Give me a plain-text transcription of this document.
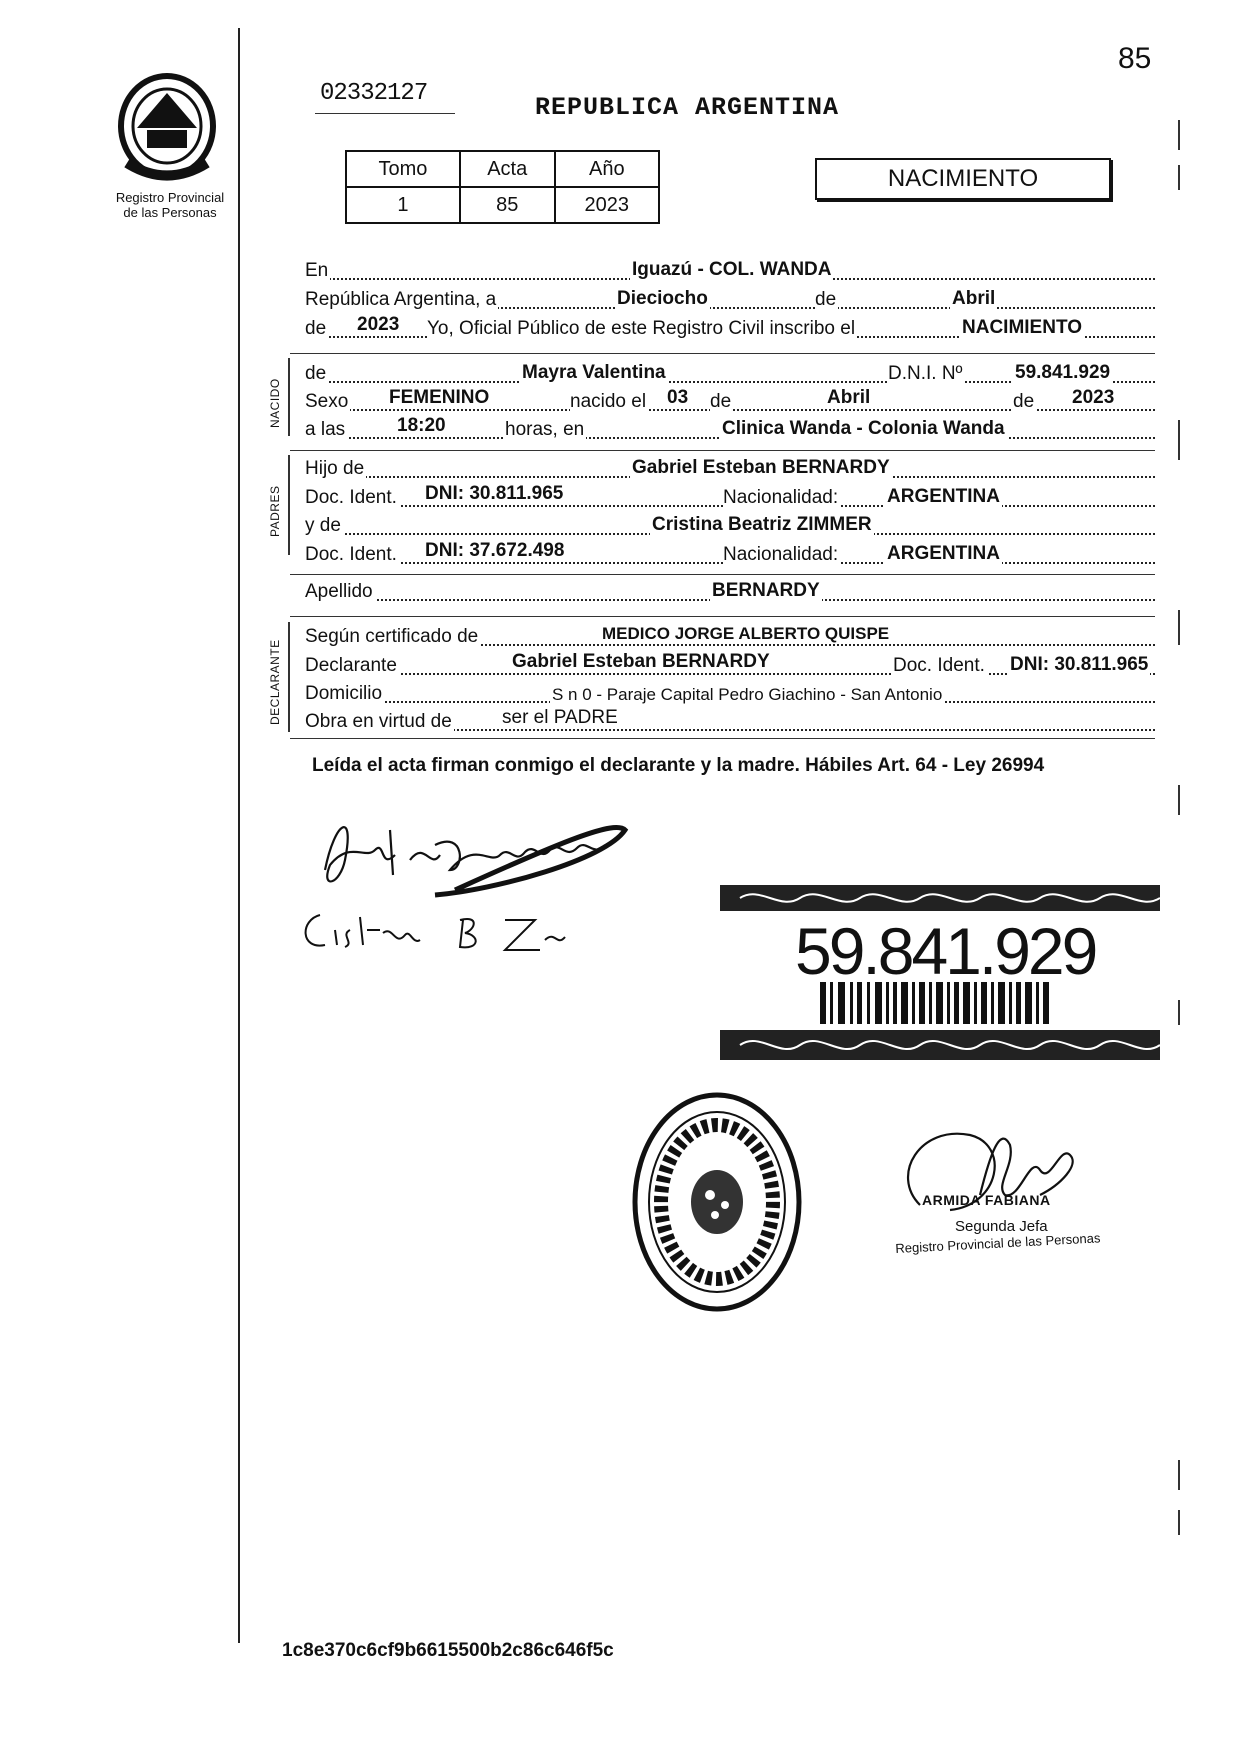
85
Registro Provincial
de las Personas
02332127	REPUBLICA ARGENTINA
Tomo	Acta	Año
1	85	2023
NACIMIENTO
En	Iguazú - COL. WANDA
República Argentina, a	Dieciocho	de	Abril
de 2023 Yo, Oficial Público de este Registro Civil inscribo el	NACIMIENTO
NACIDO
de	Mayra Valentina	D.N.I. Nº	59.841.929
Sexo FEMENINO	nacido el 03 de	Abril	de 2023
a las	18:20	horas, en	Clinica Wanda - Colonia Wanda
PADRES
Hijo de	Gabriel Esteban BERNARDY
Doc. Ident. DNI: 30.811.965	Nacionalidad:	ARGENTINA
y de	Cristina Beatriz ZIMMER
Doc. Ident. DNI: 37.672.498	Nacionalidad:	ARGENTINA
Apellido	BERNARDY
DECLARANTE
Según certificado de	MEDICO JORGE ALBERTO QUISPE
Declarante	Gabriel Esteban BERNARDY	Doc. Ident. DNI: 30.811.965
Domicilio	S n 0 - Paraje Capital Pedro Giachino - San Antonio
Obra en virtud de	ser el PADRE
Leída el acta firman conmigo el declarante y la madre. Hábiles Art. 64 - Ley 26994
59.841.929
ARMIDA FABIANA
Segunda Jefa
Registro Provincial de las Personas
1c8e370c6cf9b6615500b2c86c646f5c
